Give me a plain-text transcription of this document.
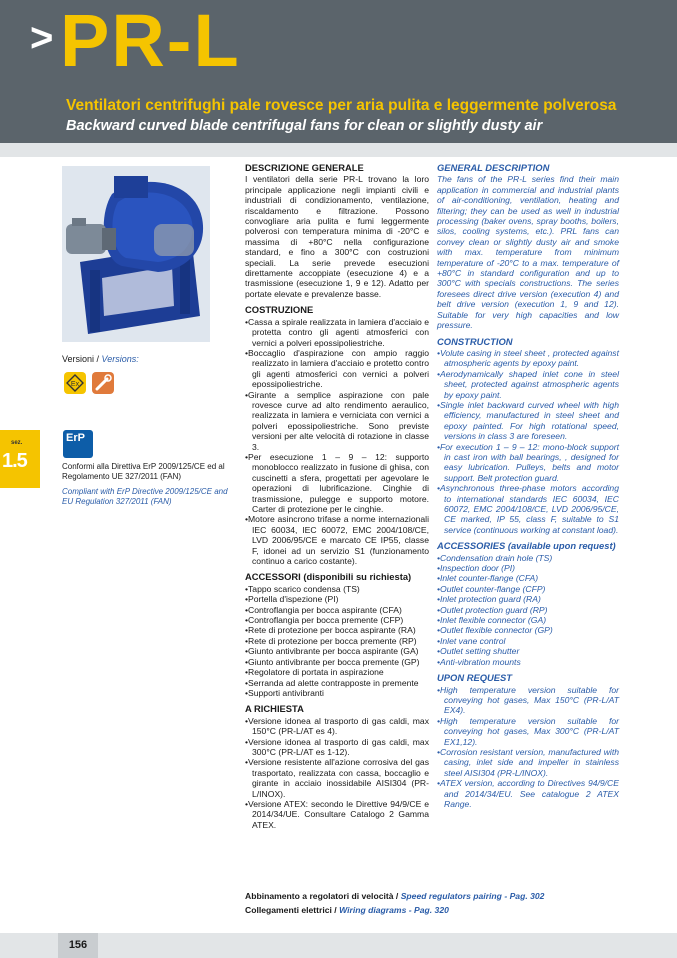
> PR-L
Ventilatori centrifughi pale rovesce per aria pulita e leggermente polverosa
Backward curved blade centrifugal fans for clean or slightly dusty air
Versioni / Versions:
Ex
sez.
1.5
ErP
Conformi alla Direttiva ErP 2009/125/CE ed al Regolamento UE 327/2011 (FAN)
Compliant with ErP Directive 2009/125/CE and EU Regulation 327/2011 (FAN)
DESCRIZIONE GENERALE

I ventilatori della serie PR-L trovano la loro principale applicazione negli impianti civili e industriali di condizionamento, ventilazione, riscaldamento e filtrazione. Possono convogliare aria pulita e fumi leggermente polverosi con temperatura minima di -20°C e massima di +80°C nella configurazione standard, e fino a 300°C con costruzioni speciali. La serie prevede esecuzioni direttamente accoppiate (esecuzione 4) e a trasmissione (esecuzione 1, 9 e 12). Adatto per portate elevate e prevalenze basse.

COSTRUZIONE
• Cassa a spirale realizzata in lamiera d'acciaio e protetta contro gli agenti atmosferici con vernici a polveri epossipoliestriche.
• Boccaglio d'aspirazione con ampio raggio realizzato in lamiera d'acciaio e protetto contro gli agenti atmosferici con vernici a polveri epossipoliestriche.
• Girante a semplice aspirazione con pale rovesce curve ad alto rendimento aeraulico, realizzata in lamiera e verniciata con vernici a polveri epossipoliestriche. Sono previste versioni per alte velocità di rotazione in classe 3.
• Per esecuzione 1 – 9 – 12: supporto monoblocco realizzato in fusione di ghisa, con cuscinetti a sfera, progettati per agevolare le operazioni di lubrificazione. Cinghie di trasmissione, pulegge e supporto motore. Carter di protezione per le cinghie.
• Motore asincrono trifase a norme internazionali IEC 60034, IEC 60072, EMC 2004/108/CE, LVD 2006/95/CE e marcato CE IP55, classe F, idonei ad un servizio S1 (funzionamento continuo a carico costante).
ACCESSORI (disponibili su richiesta)
• Tappo scarico condensa (TS)
• Portella d'ispezione (PI)
• Controflangia per bocca aspirante (CFA)
• Controflangia per bocca premente (CFP)
• Rete di protezione per bocca aspirante (RA)
• Rete di protezione per bocca premente (RP)
• Giunto antivibrante per bocca aspirante (GA)
• Giunto antivibrante per bocca premente (GP)
• Regolatore di portata in aspirazione
• Serranda ad alette contrapposte in premente
• Supporti antivibranti
A RICHIESTA
• Versione idonea al trasporto di gas caldi, max 150°C (PR-L/AT es 4).
• Versione idonea al trasporto di gas caldi, max 300°C (PR-L/AT es 1-12).
• Versione resistente all'azione corrosiva del gas trasportato, realizzata con cassa, boccaglio e girante in acciaio inossidabile AISI304 (PR-L/INOX).
• Versione ATEX: secondo le Direttive 94/9/CE e 2014/34/UE. Consultare Catalogo 2 Gamma ATEX.
GENERAL DESCRIPTION

The fans of the PR-L series find their main application in commercial and industrial plants of air-conditioning, ventilation, heating and filtering; they can be used as well in industrial processing (baker ovens, spray booths, boilers, silos, cooling systems, etc.). PRL fans can convey clean or slightly dusty air and smoke with max. temperature from minimum temperature of -20°C to a max. temperature of +80°C in standard configuration and up to 300°C with specials constructions. The series foresees direct drive version (execution 4) and belt drive version (execution 1, 9 and 12). Suitable for very high capacities and low pressure.

CONSTRUCTION
• Volute casing in steel sheet , protected against atmospheric agents by epoxy paint.
• Aerodynamically shaped inlet cone in steel sheet, protected against atmospheric agents by epoxy paint.
• Single inlet backward curved wheel with high efficiency, manufactured in steel sheet and epoxy painted. For high rotational speed, versions in class 3 are foreseen.
• For execution 1 – 9 – 12: mono-block support in cast iron with ball bearings, , designed for easy lubrication. Pulleys, belts and motor support. Belt protection guard.
• Asynchronous three-phase motors according to international standards IEC 60034, IEC 60072, EMC 2004/108/CE, LVD 2006/95/CE, CE marked, IP 55, class F, suitable to S1 service (continuous working at constant load).
ACCESSORIES (available upon request)
• Condensation drain hole (TS)
• Inspection door (PI)
• Inlet counter-flange (CFA)
• Outlet counter-flange (CFP)
• Inlet protection guard (RA)
• Outlet protection guard (RP)
• Inlet flexible connector (GA)
• Outlet flexible connector (GP)
• Inlet vane control
• Outlet setting shutter
• Anti-vibration mounts
UPON REQUEST
• High temperature version suitable for conveying hot gases, Max 150°C (PR-L/AT EX4).
• High temperature version suitable for conveying hot gases, Max 300°C (PR-L/AT EX1,12).
• Corrosion resistant version, manufactured with casing, inlet side and impeller in stainless steel AISI304 (PR-L/INOX).
• ATEX version, according to Directives 94/9/CE and 2014/34/EU. See catalogue 2 ATEX Range.
Abbinamento a regolatori di velocità / Speed regulators pairing - Pag. 302
Collegamenti elettrici / Wiring diagrams - Pag. 320
156
